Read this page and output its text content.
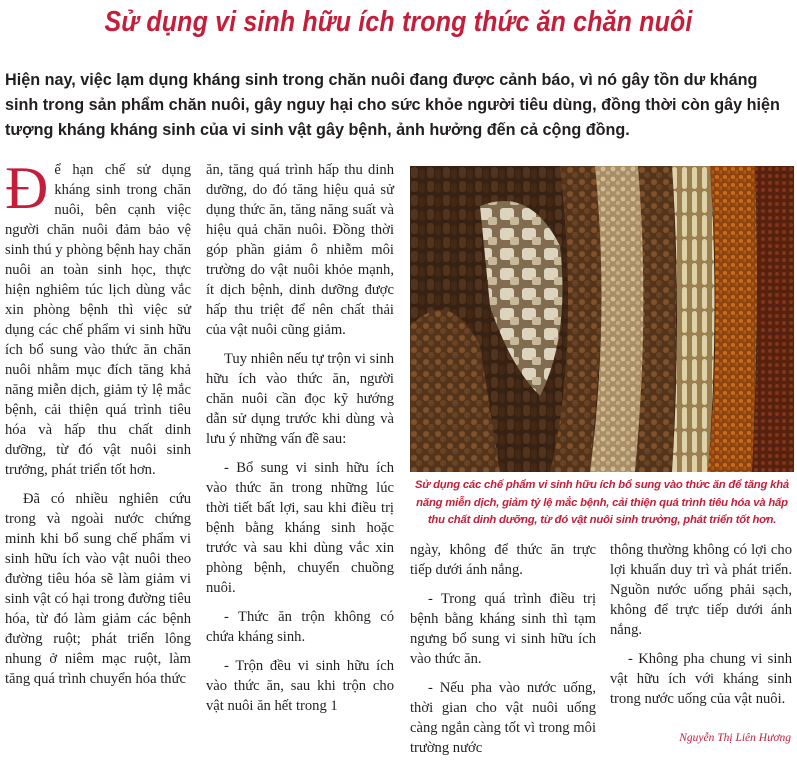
Sử dụng vi sinh hữu ích trong thức ăn chăn nuôi

Hiện nay, việc lạm dụng kháng sinh trong chăn nuôi đang được cảnh báo, vì nó gây tồn dư kháng sinh trong sản phẩm chăn nuôi, gây nguy hại cho sức khỏe người tiêu dùng, đồng thời còn gây hiện tượng kháng kháng sinh của vi sinh vật gây bệnh, ảnh hưởng đến cả cộng đồng.

Để hạn chế sử dụng kháng sinh trong chăn nuôi, bên cạnh việc người chăn nuôi đảm bảo vệ sinh thú y phòng bệnh hay chăn nuôi an toàn sinh học, thực hiện nghiêm túc lịch dùng vắc xin phòng bệnh thì việc sử dụng các chế phẩm vi sinh hữu ích bổ sung vào thức ăn chăn nuôi nhằm mục đích tăng khả năng miễn dịch, giảm tỷ lệ mắc bệnh, cải thiện quá trình tiêu hóa và hấp thu chất dinh dưỡng, từ đó vật nuôi sinh trưởng, phát triển tốt hơn.

Đã có nhiều nghiên cứu trong và ngoài nước chứng minh khi bổ sung chế phẩm vi sinh hữu ích vào vật nuôi theo đường tiêu hóa sẽ làm giảm vi sinh vật có hại trong đường tiêu hóa, từ đó làm giảm các bệnh đường ruột; phát triển lông nhung ở niêm mạc ruột, làm tăng quá trình chuyển hóa thức

ăn, tăng quá trình hấp thu dinh dưỡng, do đó tăng hiệu quả sử dụng thức ăn, tăng năng suất và hiệu quả chăn nuôi. Đồng thời góp phần giảm ô nhiễm môi trường do vật nuôi khỏe mạnh, ít dịch bệnh, dinh dưỡng được hấp thu triệt để nên chất thải của vật nuôi cũng giảm.

Tuy nhiên nếu tự trộn vi sinh hữu ích vào thức ăn, người chăn nuôi cần đọc kỹ hướng dẫn sử dụng trước khi dùng và lưu ý những vấn đề sau:

- Bổ sung vi sinh hữu ích vào thức ăn trong những lúc thời tiết bất lợi, sau khi điều trị bệnh bằng kháng sinh hoặc trước và sau khi dùng vắc xin phòng bệnh, chuyển chuồng nuôi.

- Thức ăn trộn không có chứa kháng sinh.

- Trộn đều vi sinh hữu ích vào thức ăn, sau khi trộn cho vật nuôi ăn hết trong 1

Sử dụng các chế phẩm vi sinh hữu ích bổ sung vào thức ăn để tăng khả năng miễn dịch, giảm tỷ lệ mắc bệnh, cải thiện quá trình tiêu hóa và hấp thu chất dinh dưỡng, từ đó vật nuôi sinh trưởng, phát triển tốt hơn.

ngày, không để thức ăn trực tiếp dưới ánh nắng.

- Trong quá trình điều trị bệnh bằng kháng sinh thì tạm ngưng bổ sung vi sinh hữu ích vào thức ăn.

- Nếu pha vào nước uống, thời gian cho vật nuôi uống càng ngắn càng tốt vì trong môi trường nước

thông thường không có lợi cho lợi khuẩn duy trì và phát triển. Nguồn nước uống phải sạch, không để trực tiếp dưới ánh nắng.

- Không pha chung vi sinh vật hữu ích với kháng sinh trong nước uống của vật nuôi.

Nguyễn Thị Liên Hương
